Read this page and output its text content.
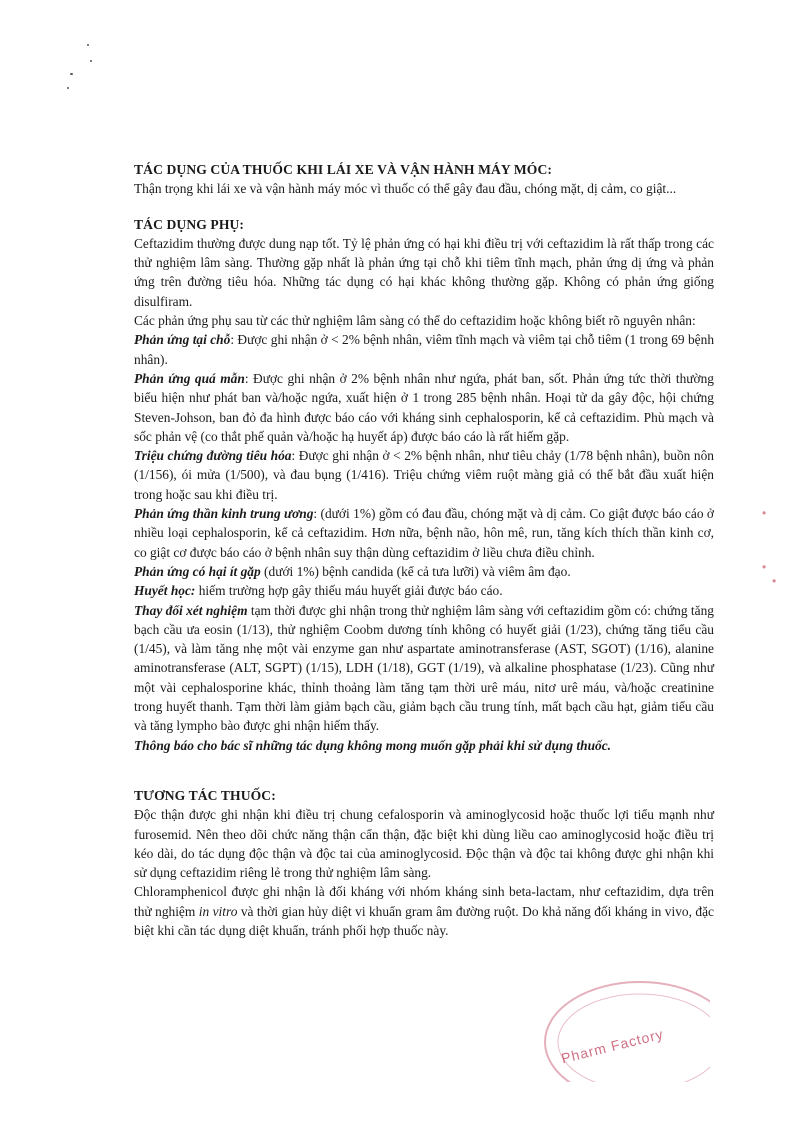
TÁC DỤNG CỦA THUỐC KHI LÁI XE VÀ VẬN HÀNH MÁY MÓC:

Thận trọng khi lái xe và vận hành máy móc vì thuốc có thể gây đau đầu, chóng mặt, dị cảm, co giật...

TÁC DỤNG PHỤ:

Ceftazidim thường được dung nạp tốt. Tỷ lệ phản ứng có hại khi điều trị với ceftazidim là rất thấp trong các thử nghiệm lâm sàng. Thường gặp nhất là phản ứng tại chỗ khi tiêm tĩnh mạch, phản ứng dị ứng và phản ứng trên đường tiêu hóa. Những tác dụng có hại khác không thường gặp. Không có phản ứng giống disulfiram.

Các phản ứng phụ sau từ các thử nghiệm lâm sàng có thể do ceftazidim hoặc không biết rõ nguyên nhân:

Phản ứng tại chỗ: Được ghi nhận ở < 2% bệnh nhân, viêm tĩnh mạch và viêm tại chỗ tiêm (1 trong 69 bệnh nhân).

Phản ứng quá mẫn: Được ghi nhận ở 2% bệnh nhân như ngứa, phát ban, sốt. Phản ứng tức thời thường biểu hiện như phát ban và/hoặc ngứa, xuất hiện ở 1 trong 285 bệnh nhân. Hoại tử da gây độc, hội chứng Steven-Johson, ban đỏ đa hình được báo cáo với kháng sinh cephalosporin, kể cả ceftazidim. Phù mạch và sốc phản vệ (co thắt phế quản và/hoặc hạ huyết áp) được báo cáo là rất hiếm gặp.

Triệu chứng đường tiêu hóa: Được ghi nhận ở < 2% bệnh nhân, như tiêu chảy (1/78 bệnh nhân), buồn nôn (1/156), ói mửa (1/500), và đau bụng (1/416). Triệu chứng viêm ruột màng giả có thể bắt đầu xuất hiện trong hoặc sau khi điều trị.

Phản ứng thần kinh trung ương: (dưới 1%) gồm có đau đầu, chóng mặt và dị cảm. Co giật được báo cáo ở nhiều loại cephalosporin, kể cả ceftazidim. Hơn nữa, bệnh não, hôn mê, run, tăng kích thích thần kinh cơ, co giật cơ được báo cáo ở bệnh nhân suy thận dùng ceftazidim ở liều chưa điều chỉnh.

Phản ứng có hại ít gặp (dưới 1%) bệnh candida (kể cả tưa lưỡi) và viêm âm đạo.

Huyết học: hiếm trường hợp gây thiếu máu huyết giải được báo cáo.

Thay đổi xét nghiệm tạm thời được ghi nhận trong thử nghiệm lâm sàng với ceftazidim gồm có: chứng tăng bạch cầu ưa eosin (1/13), thử nghiệm Coobm dương tính không có huyết giải (1/23), chứng tăng tiểu cầu (1/45), và làm tăng nhẹ một vài enzyme gan như aspartate aminotransferase (AST, SGOT) (1/16), alanine aminotransferase (ALT, SGPT) (1/15), LDH (1/18), GGT (1/19), và alkaline phosphatase (1/23). Cũng như một vài cephalosporine khác, thỉnh thoảng làm tăng tạm thời urê máu, nitơ urê máu, và/hoặc creatinine trong huyết thanh. Tạm thời làm giảm bạch cầu, giảm bạch cầu trung tính, mất bạch cầu hạt, giảm tiểu cầu và tăng lympho bào được ghi nhận hiếm thấy.

Thông báo cho bác sĩ những tác dụng không mong muốn gặp phải khi sử dụng thuốc.

TƯƠNG TÁC THUỐC:

Độc thận được ghi nhận khi điều trị chung cefalosporin và aminoglycosid hoặc thuốc lợi tiểu mạnh như furosemid. Nên theo dõi chức năng thận cẩn thận, đặc biệt khi dùng liều cao aminoglycosid hoặc điều trị kéo dài, do tác dụng độc thận và độc tai của aminoglycosid. Độc thận và độc tai không được ghi nhận khi sử dụng ceftazidim riêng lẻ trong thử nghiệm lâm sàng.

Chloramphenicol được ghi nhận là đối kháng với nhóm kháng sinh beta-lactam, như ceftazidim, dựa trên thử nghiệm in vitro và thời gian hủy diệt vi khuẩn gram âm đường ruột. Do khả năng đối kháng in vivo, đặc biệt khi cần tác dụng diệt khuẩn, tránh phối hợp thuốc này.

Pharm Factory
•
•
•
